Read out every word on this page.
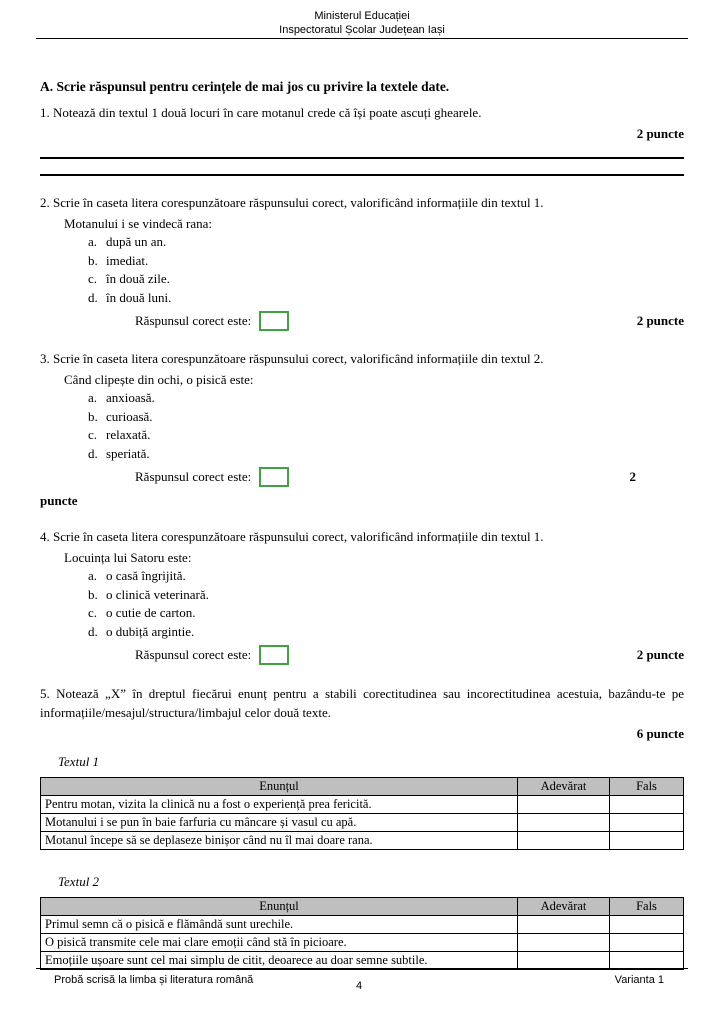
Ministerul Educației
Inspectoratul Școlar Județean Iași
A. Scrie răspunsul pentru cerințele de mai jos cu privire la textele date.
1. Notează din textul 1 două locuri în care motanul crede că își poate ascuți ghearele.
2 puncte
2. Scrie în caseta litera corespunzătoare răspunsului corect, valorificând informațiile din textul 1.
Motanului i se vindecă rana:
a. după un an.
b. imediat.
c. în două zile.
d. în două luni.
Răspunsul corect este:	2 puncte
3. Scrie în caseta litera corespunzătoare răspunsului corect, valorificând informațiile din textul 2.
Când clipește din ochi, o pisică este:
a. anxioasă.
b. curioasă.
c. relaxată.
d. speriată.
Răspunsul corect este:	2
puncte
4. Scrie în caseta litera corespunzătoare răspunsului corect, valorificând informațiile din textul 1.
Locuința lui Satoru este:
a. o casă îngrijită.
b. o clinică veterinară.
c. o cutie de carton.
d. o dubiță argintie.
Răspunsul corect este:	2 puncte
5. Notează „X” în dreptul fiecărui enunț pentru a stabili corectitudinea sau incorectitudinea acestuia, bazându-te pe informațiile/mesajul/structura/limbajul celor două texte.
6 puncte
Textul 1
Enunțul	Adevărat	Fals
Pentru motan, vizita la clinică nu a fost o experiență prea fericită.		
Motanului i se pun în baie farfuria cu mâncare și vasul cu apă.		
Motanul începe să se deplaseze binișor când nu îl mai doare rana.		
Textul 2
Enunțul	Adevărat	Fals
Primul semn că o pisică e flămândă sunt urechile.		
O pisică transmite cele mai clare emoții când stă în picioare.		
Emoțiile ușoare sunt cel mai simplu de citit, deoarece au doar semne subtile.		
Probă scrisă la limba și literatura română	4	Varianta 1
